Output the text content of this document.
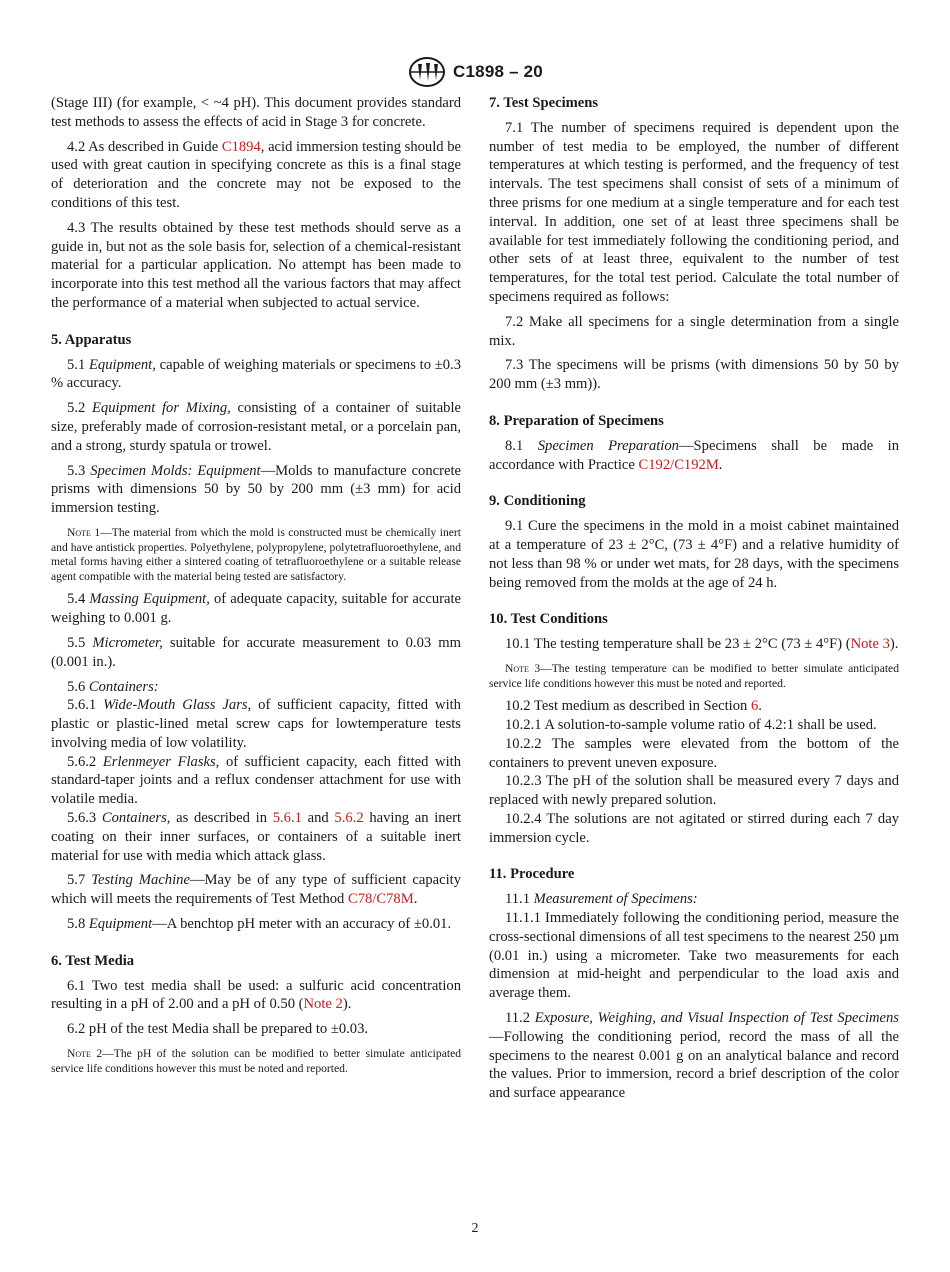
C1898 – 20

(Stage III) (for example, < ~4 pH). This document provides standard test methods to assess the effects of acid in Stage 3 for concrete.

4.2 As described in Guide C1894, acid immersion testing should be used with great caution in specifying concrete as this is a final stage of deterioration and the concrete may not be exposed to the conditions of this test.

4.3 The results obtained by these test methods should serve as a guide in, but not as the sole basis for, selection of a chemical-resistant material for a particular application. No attempt has been made to incorporate into this test method all the various factors that may affect the performance of a material when subjected to actual service.

5. Apparatus

5.1 Equipment, capable of weighing materials or specimens to ±0.3 % accuracy.

5.2 Equipment for Mixing, consisting of a container of suitable size, preferably made of corrosion-resistant metal, or a porcelain pan, and a strong, sturdy spatula or trowel.

5.3 Specimen Molds: Equipment—Molds to manufacture concrete prisms with dimensions 50 by 50 by 200 mm (±3 mm) for acid immersion testing.

Note 1—The material from which the mold is constructed must be chemically inert and have antistick properties. Polyethylene, polypropylene, polytetrafluoroethylene, and metal forms having either a sintered coating of tetrafluoroethylene or a suitable release agent compatible with the material being tested are satisfactory.

5.4 Massing Equipment, of adequate capacity, suitable for accurate weighing to 0.001 g.

5.5 Micrometer, suitable for accurate measurement to 0.03 mm (0.001 in.).

5.6 Containers:

5.6.1 Wide-Mouth Glass Jars, of sufficient capacity, fitted with plastic or plastic-lined metal screw caps for lowtemperature tests involving media of low volatility.

5.6.2 Erlenmeyer Flasks, of sufficient capacity, each fitted with standard-taper joints and a reflux condenser attachment for use with volatile media.

5.6.3 Containers, as described in 5.6.1 and 5.6.2 having an inert coating on their inner surfaces, or containers of a suitable inert material for use with media which attack glass.

5.7 Testing Machine—May be of any type of sufficient capacity which will meets the requirements of Test Method C78/C78M.

5.8 Equipment—A benchtop pH meter with an accuracy of ±0.01.

6. Test Media

6.1 Two test media shall be used: a sulfuric acid concentration resulting in a pH of 2.00 and a pH of 0.50 (Note 2).

6.2 pH of the test Media shall be prepared to ±0.03.

Note 2—The pH of the solution can be modified to better simulate anticipated service life conditions however this must be noted and reported.

7. Test Specimens

7.1 The number of specimens required is dependent upon the number of test media to be employed, the number of different temperatures at which testing is performed, and the frequency of test intervals. The test specimens shall consist of sets of a minimum of three prisms for one medium at a single temperature and for each test interval. In addition, one set of at least three specimens shall be available for test immediately following the conditioning period, and other sets of at least three, equivalent to the number of test temperatures, for the total test period. Calculate the total number of specimens required as follows:

7.2 Make all specimens for a single determination from a single mix.

7.3 The specimens will be prisms (with dimensions 50 by 50 by 200 mm (±3 mm)).

8. Preparation of Specimens

8.1 Specimen Preparation—Specimens shall be made in accordance with Practice C192/C192M.

9. Conditioning

9.1 Cure the specimens in the mold in a moist cabinet maintained at a temperature of 23 ± 2°C, (73 ± 4°F) and a relative humidity of not less than 98 % or under wet mats, for 28 days, with the specimens being removed from the molds at the age of 24 h.

10. Test Conditions

10.1 The testing temperature shall be 23 ± 2°C (73 ± 4°F) (Note 3).

Note 3—The testing temperature can be modified to better simulate anticipated service life conditions however this must be noted and reported.

10.2 Test medium as described in Section 6.

10.2.1 A solution-to-sample volume ratio of 4.2:1 shall be used.

10.2.2 The samples were elevated from the bottom of the containers to prevent uneven exposure.

10.2.3 The pH of the solution shall be measured every 7 days and replaced with newly prepared solution.

10.2.4 The solutions are not agitated or stirred during each 7 day immersion cycle.

11. Procedure

11.1 Measurement of Specimens:

11.1.1 Immediately following the conditioning period, measure the cross-sectional dimensions of all test specimens to the nearest 250 µm (0.01 in.) using a micrometer. Take two measurements for each dimension at mid-height and perpendicular to the load axis and average them.

11.2 Exposure, Weighing, and Visual Inspection of Test Specimens—Following the conditioning period, record the mass of all the specimens to the nearest 0.001 g on an analytical balance and record the values. Prior to immersion, record a brief description of the color and surface appearance

2
